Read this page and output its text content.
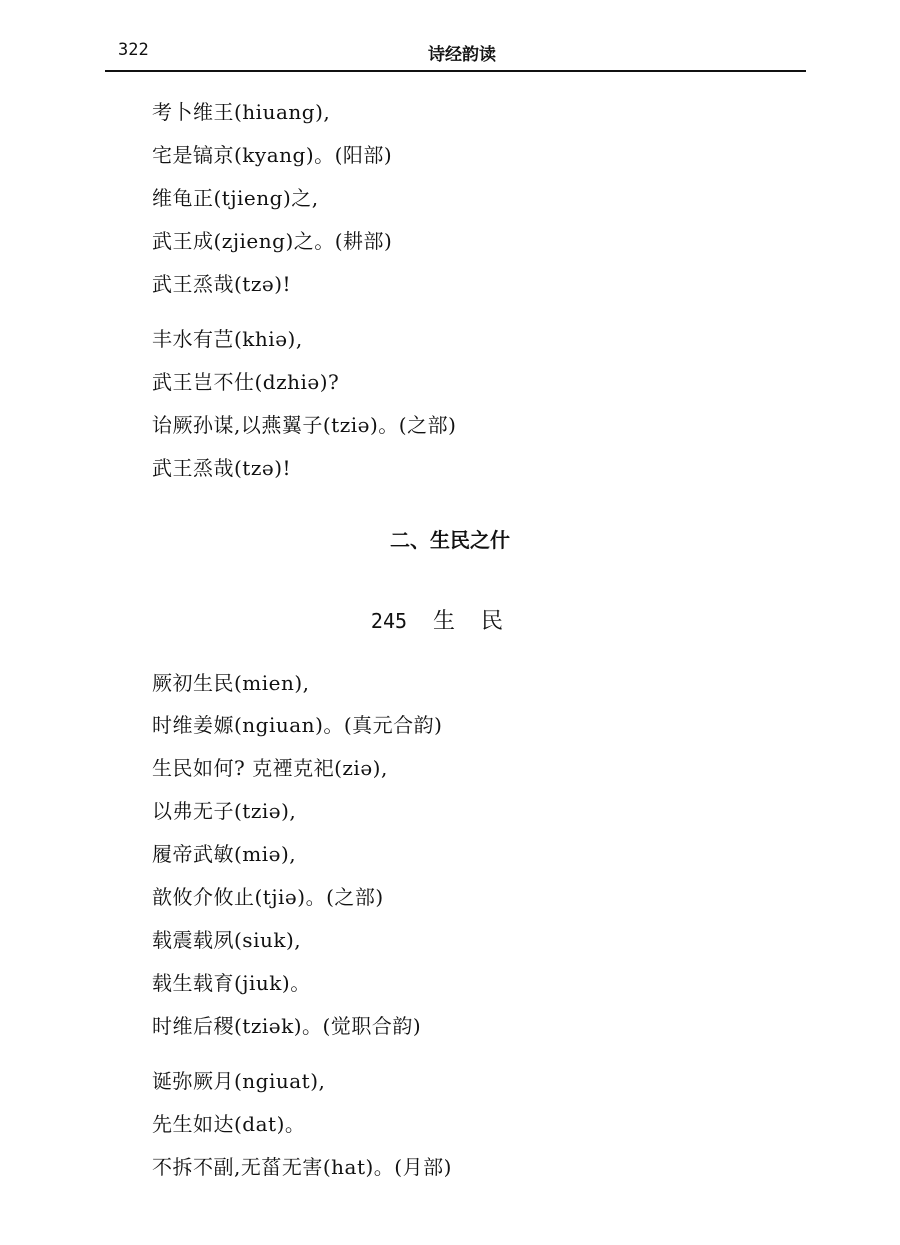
322	诗经韵读
考卜维王(hiuang),
宅是镐京(kyang)。(阳部)
维龟正(tjieng)之,
武王成(zjieng)之。(耕部)
武王烝哉(tzə)!
丰水有芑(khiə),
武王岂不仕(dzhiə)?
诒厥孙谋,以燕翼子(tziə)。(之部)
武王烝哉(tzə)!
二、生民之什
245 生民
厥初生民(mien),
时维姜嫄(ngiuan)。(真元合韵)
生民如何? 克禋克祀(ziə),
以弗无子(tziə),
履帝武敏(miə),
歆攸介攸止(tjiə)。(之部)
载震载夙(siuk),
载生载育(jiuk)。
时维后稷(tziək)。(觉职合韵)
诞弥厥月(ngiuat),
先生如达(dat)。
不拆不副,无菑无害(hat)。(月部)
